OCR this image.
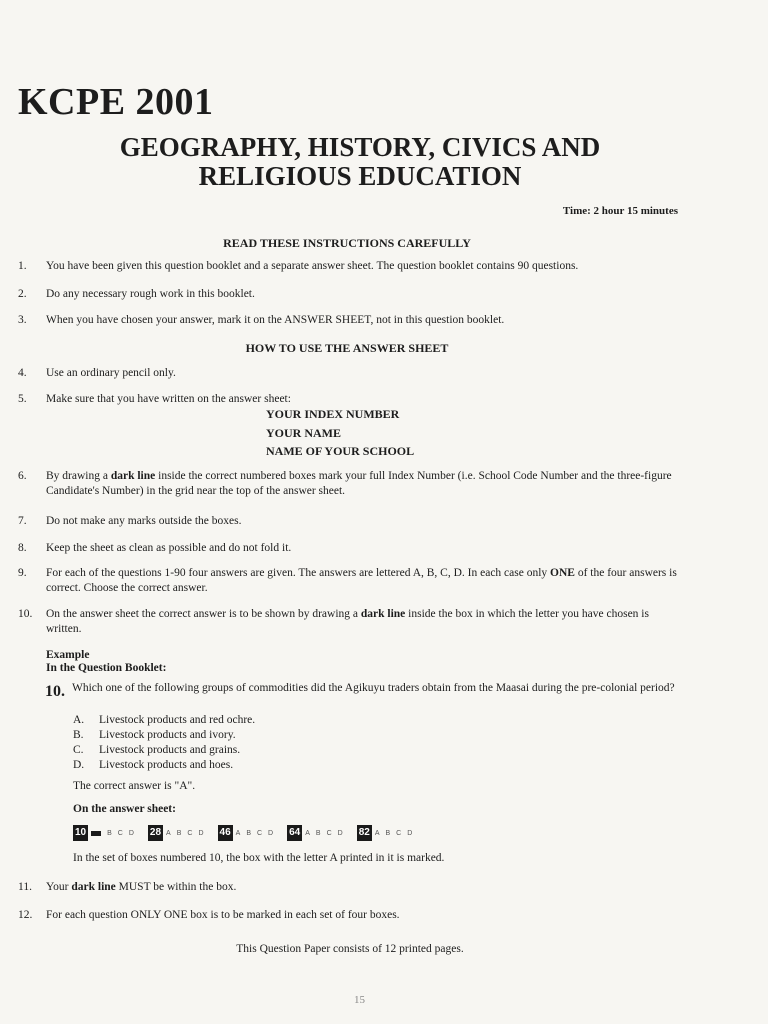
KCPE 2001
GEOGRAPHY, HISTORY, CIVICS AND
RELIGIOUS EDUCATION
Time: 2 hour 15 minutes
READ THESE INSTRUCTIONS CAREFULLY
1.	You have been given this question booklet and a separate answer sheet. The question booklet contains 90 questions.
2.	Do any necessary rough work in this booklet.
3.	When you have chosen your answer, mark it on the ANSWER SHEET, not in this question booklet.
HOW TO USE THE ANSWER SHEET
4.	Use an ordinary pencil only.
5.	Make sure that you have written on the answer sheet:
YOUR INDEX NUMBER
YOUR NAME
NAME OF YOUR SCHOOL
6.	By drawing a dark line inside the correct numbered boxes mark your full Index Number (i.e. School Code Number and the three-figure Candidate's Number) in the grid near the top of the answer sheet.
7.	Do not make any marks outside the boxes.
8.	Keep the sheet as clean as possible and do not fold it.
9.	For each of the questions 1-90 four answers are given. The answers are lettered A, B, C, D. In each case only ONE of the four answers is correct. Choose the correct answer.
10.	On the answer sheet the correct answer is to be shown by drawing a dark line inside the box in which the letter you have chosen is written.
Example
In the Question Booklet:
10. Which one of the following groups of commodities did the Agikuyu traders obtain from the Maasai during the pre-colonial period?
A. Livestock products and red ochre.
B. Livestock products and ivory.
C. Livestock products and grains.
D. Livestock products and hoes.
The correct answer is "A".
On the answer sheet:
10	B C D 28 A B C D 46 A B C D 64 A B C D 82 A B C D
In the set of boxes numbered 10, the box with the letter A printed in it is marked.
11.	Your dark line MUST be within the box.
12.	For each question ONLY ONE box is to be marked in each set of four boxes.
This Question Paper consists of 12 printed pages.
15
